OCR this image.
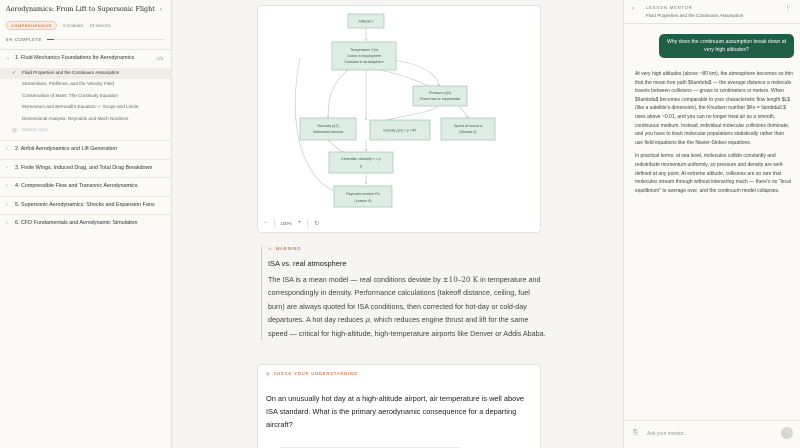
Aerodynamics: From Lift to Supersonic Flight ‹
COMPREHENSIVE	6 modules 24 lessons
6% COMPLETE
⌄ 1. Fluid Mechanics Foundations for Aerodynamics	1/5
✓	Fluid Properties and the Continuum Assumption
Streamlines, Pathlines, and the Velocity Field
Conservation of Mass: The Continuity Equation
Momentum and Bernoulli's Equation — Scope and Limits
Dimensional Analysis: Reynolds and Mach Numbers
Module Quiz
›	2. Airfoil Aerodynamics and Lift Generation
›	3. Finite Wings, Induced Drag, and Total Drag Breakdown
›	4. Compressible Flow and Transonic Aerodynamics
›	5. Supersonic Aerodynamics: Shocks and Expansion Fans
›	6. CFD Fundamentals and Aerodynamic Simulation
Altitude h
Temperature T(h)
Linear in troposphere
Constant in stratosphere
Pressure p(h)
Power law or exponential
Viscosity μ(T)
Sutherland formula	Density ρ(h) = p / RT
Speed of sound a
(Module 4)
Kinematic viscosity ν = μ
ρ
Reynolds number Re
(Lesson 5)
−	100% + ↻
⚠ WARNING
ISA vs. real atmosphere

The ISA is a mean model — real conditions deviate by ±10–20 K in temperature and correspondingly in density. Performance calculations (takeoff distance, ceiling, fuel burn) are always quoted for ISA conditions, then corrected for hot-day or cold-day departures. A hot day reduces ρ, which reduces engine thrust and lift for the same speed — critical for high-altitude, high-temperature airports like Denver or Addis Ababa.

◎ CHECK YOUR UNDERSTANDING
On an unusually hot day at a high-altitude airport, air temperature is well above ISA standard. What is the primary aerodynamic consequence for a departing aircraft?
›	LESSON MENTOR
Fluid Properties and the Continuum Assumption
⋮
Why does the continuum assumption break down at very high altitudes?

At very high altitudes (above ~80 km), the atmosphere becomes so thin that the mean free path $\lambda$ — the average distance a molecule travels between collisions — grows to centimeters or meters. When $\lambda$ becomes comparable to your characteristic flow length $L$ (like a satellite's dimension), the Knudsen number $Kn = \lambda/L$ rises above ~0.01, and you can no longer treat air as a smooth, continuous medium. Instead, individual molecular collisions dominate, and you have to track molecular populations statistically rather than use field equations like the Navier-Stokes equations.

In practical terms: at sea level, molecules collide constantly and redistribute momentum uniformly, so pressure and density are well-defined at any point. At extreme altitude, collisions are so rare that molecules stream through without interacting much — there's no "local equilibrium" to average over, and the continuum model collapses.

⎘
Ask your mentor...	↑
